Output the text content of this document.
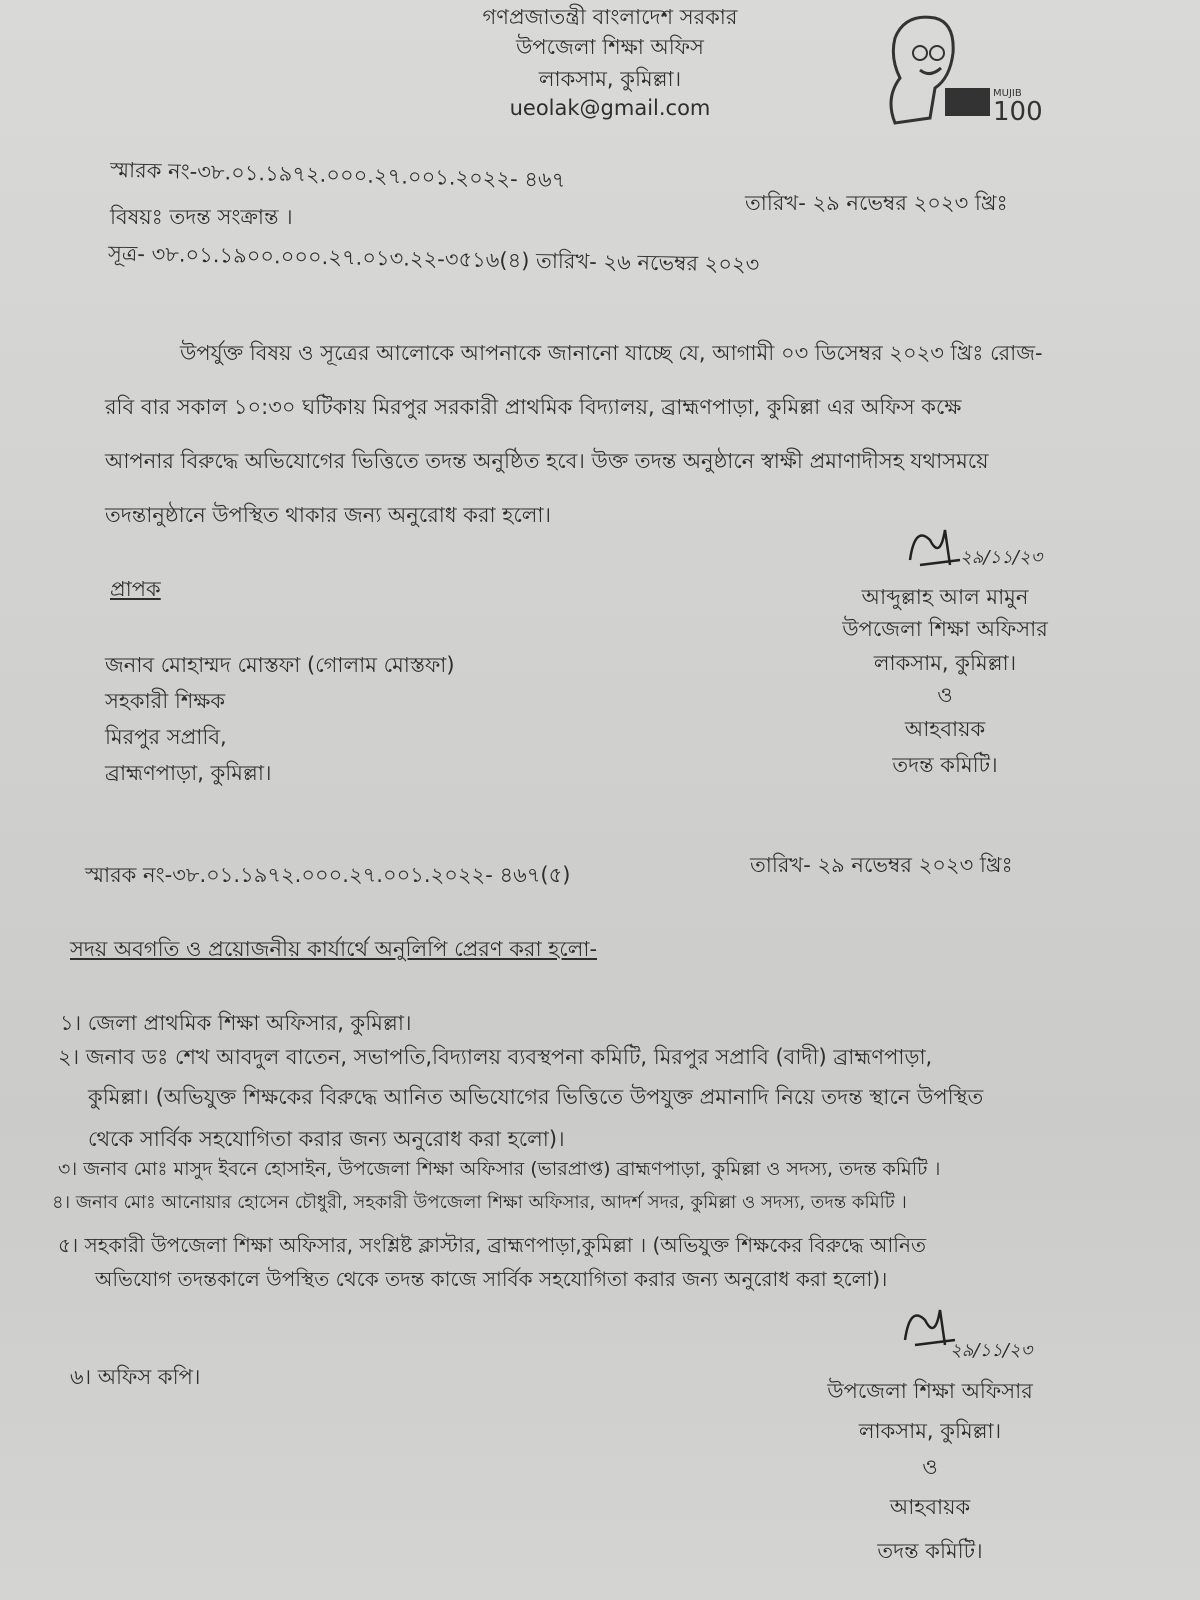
গণপ্রজাতন্ত্রী বাংলাদেশ সরকার
উপজেলা শিক্ষা অফিস
লাকসাম, কুমিল্লা।
ueolak@gmail.com	100
MUJIB
স্মারক নং-৩৮.০১.১৯৭২.০০০.২৭.০০১.২০২২- ৪৬৭
তারিখ- ২৯ নভেম্বর ২০২৩ খ্রিঃ
বিষয়ঃ তদন্ত সংক্রান্ত ।
সূত্র- ৩৮.০১.১৯০০.০০০.২৭.০১৩.২২-৩৫১৬(৪) তারিখ- ২৬ নভেম্বর ২০২৩
উপর্যুক্ত বিষয় ও সূত্রের আলোকে আপনাকে জানানো যাচ্ছে যে, আগামী ০৩ ডিসেম্বর ২০২৩ খ্রিঃ রোজ-
রবি বার সকাল ১০:৩০ ঘটিকায় মিরপুর সরকারী প্রাথমিক বিদ্যালয়, ব্রাহ্মণপাড়া, কুমিল্লা এর অফিস কক্ষে
আপনার বিরুদ্ধে অভিযোগের ভিত্তিতে তদন্ত অনুষ্ঠিত হবে। উক্ত তদন্ত অনুষ্ঠানে স্বাক্ষী প্রমাণাদীসহ যথাসময়ে
তদন্তানুষ্ঠানে উপস্থিত থাকার জন্য অনুরোধ করা হলো।
প্রাপক
জনাব মোহাম্মদ মোস্তফা (গোলাম মোস্তফা)
সহকারী শিক্ষক
মিরপুর সপ্রাবি,
ব্রাহ্মণপাড়া, কুমিল্লা।
২৯/১১/২৩
আব্দুল্লাহ আল মামুন
উপজেলা শিক্ষা অফিসার
লাকসাম, কুমিল্লা।
ও
আহবায়ক
তদন্ত কমিটি।
স্মারক নং-৩৮.০১.১৯৭২.০০০.২৭.০০১.২০২২- ৪৬৭(৫)	তারিখ- ২৯ নভেম্বর ২০২৩ খ্রিঃ
সদয় অবগতি ও প্রয়োজনীয় কার্যার্থে অনুলিপি প্রেরণ করা হলো-
১। জেলা প্রাথমিক শিক্ষা অফিসার, কুমিল্লা।
২। জনাব ডঃ শেখ আবদুল বাতেন, সভাপতি,বিদ্যালয় ব্যবস্থপনা কমিটি, মিরপুর সপ্রাবি (বাদী) ব্রাহ্মণপাড়া,
কুমিল্লা। (অভিযুক্ত শিক্ষকের বিরুদ্ধে আনিত অভিযোগের ভিত্তিতে উপযুক্ত প্রমানাদি নিয়ে তদন্ত স্থানে উপস্থিত
থেকে সার্বিক সহযোগিতা করার জন্য অনুরোধ করা হলো)।
৩। জনাব মোঃ মাসুদ ইবনে হোসাইন, উপজেলা শিক্ষা অফিসার (ভারপ্রাপ্ত) ব্রাহ্মণপাড়া, কুমিল্লা ও সদস্য, তদন্ত কমিটি ।
৪। জনাব মোঃ আনোয়ার হোসেন চৌধুরী, সহকারী উপজেলা শিক্ষা অফিসার, আদর্শ সদর, কুমিল্লা ও সদস্য, তদন্ত কমিটি ।
৫। সহকারী উপজেলা শিক্ষা অফিসার, সংশ্লিষ্ট ক্লাস্টার, ব্রাহ্মণপাড়া,কুমিল্লা । (অভিযুক্ত শিক্ষকের বিরুদ্ধে আনিত
অভিযোগ তদন্তকালে উপস্থিত থেকে তদন্ত কাজে সার্বিক সহযোগিতা করার জন্য অনুরোধ করা হলো)।
৬। অফিস কপি।
২৯/১১/২৩
উপজেলা শিক্ষা অফিসার
লাকসাম, কুমিল্লা।
ও
আহবায়ক
তদন্ত কমিটি।
